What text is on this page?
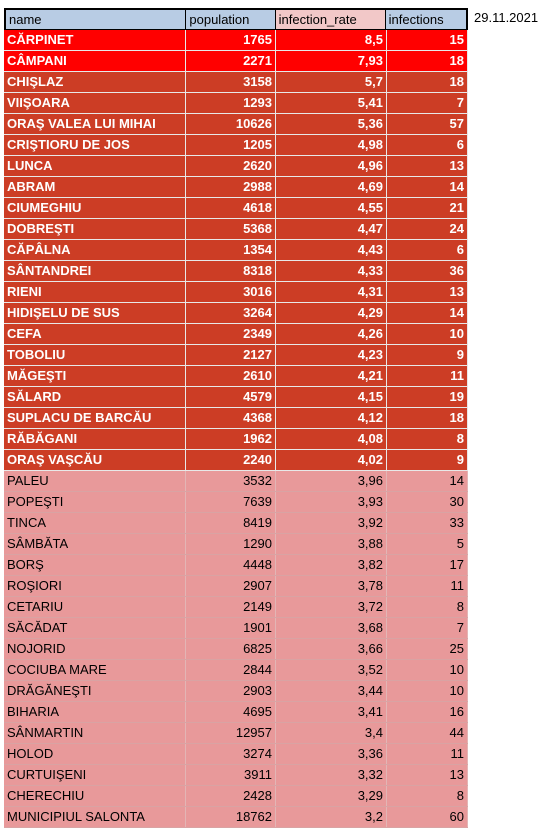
name	population	infection_rate	infections
CĂRPINET	1765	8,5	15
CÂMPANI	2271	7,93	18
CHIŞLAZ	3158	5,7	18
VIIŞOARA	1293	5,41	7
ORAŞ VALEA LUI MIHAI	10626	5,36	57
CRIŞTIORU DE JOS	1205	4,98	6
LUNCA	2620	4,96	13
ABRAM	2988	4,69	14
CIUMEGHIU	4618	4,55	21
DOBREŞTI	5368	4,47	24
CĂPÂLNA	1354	4,43	6
SÂNTANDREI	8318	4,33	36
RIENI	3016	4,31	13
HIDIŞELU DE SUS	3264	4,29	14
CEFA	2349	4,26	10
TOBOLIU	2127	4,23	9
MĂGEŞTI	2610	4,21	11
SĂLARD	4579	4,15	19
SUPLACU DE BARCĂU	4368	4,12	18
RĂBĂGANI	1962	4,08	8
ORAŞ VAŞCĂU	2240	4,02	9
PALEU	3532	3,96	14
POPEŞTI	7639	3,93	30
TINCA	8419	3,92	33
SÂMBĂTA	1290	3,88	5
BORŞ	4448	3,82	17
ROŞIORI	2907	3,78	11
CETARIU	2149	3,72	8
SĂCĂDAT	1901	3,68	7
NOJORID	6825	3,66	25
COCIUBA MARE	2844	3,52	10
DRĂGĂNEŞTI	2903	3,44	10
BIHARIA	4695	3,41	16
SÂNMARTIN	12957	3,4	44
HOLOD	3274	3,36	11
CURTUIŞENI	3911	3,32	13
CHERECHIU	2428	3,29	8
MUNICIPIUL SALONTA	18762	3,2	60
29.11.2021
